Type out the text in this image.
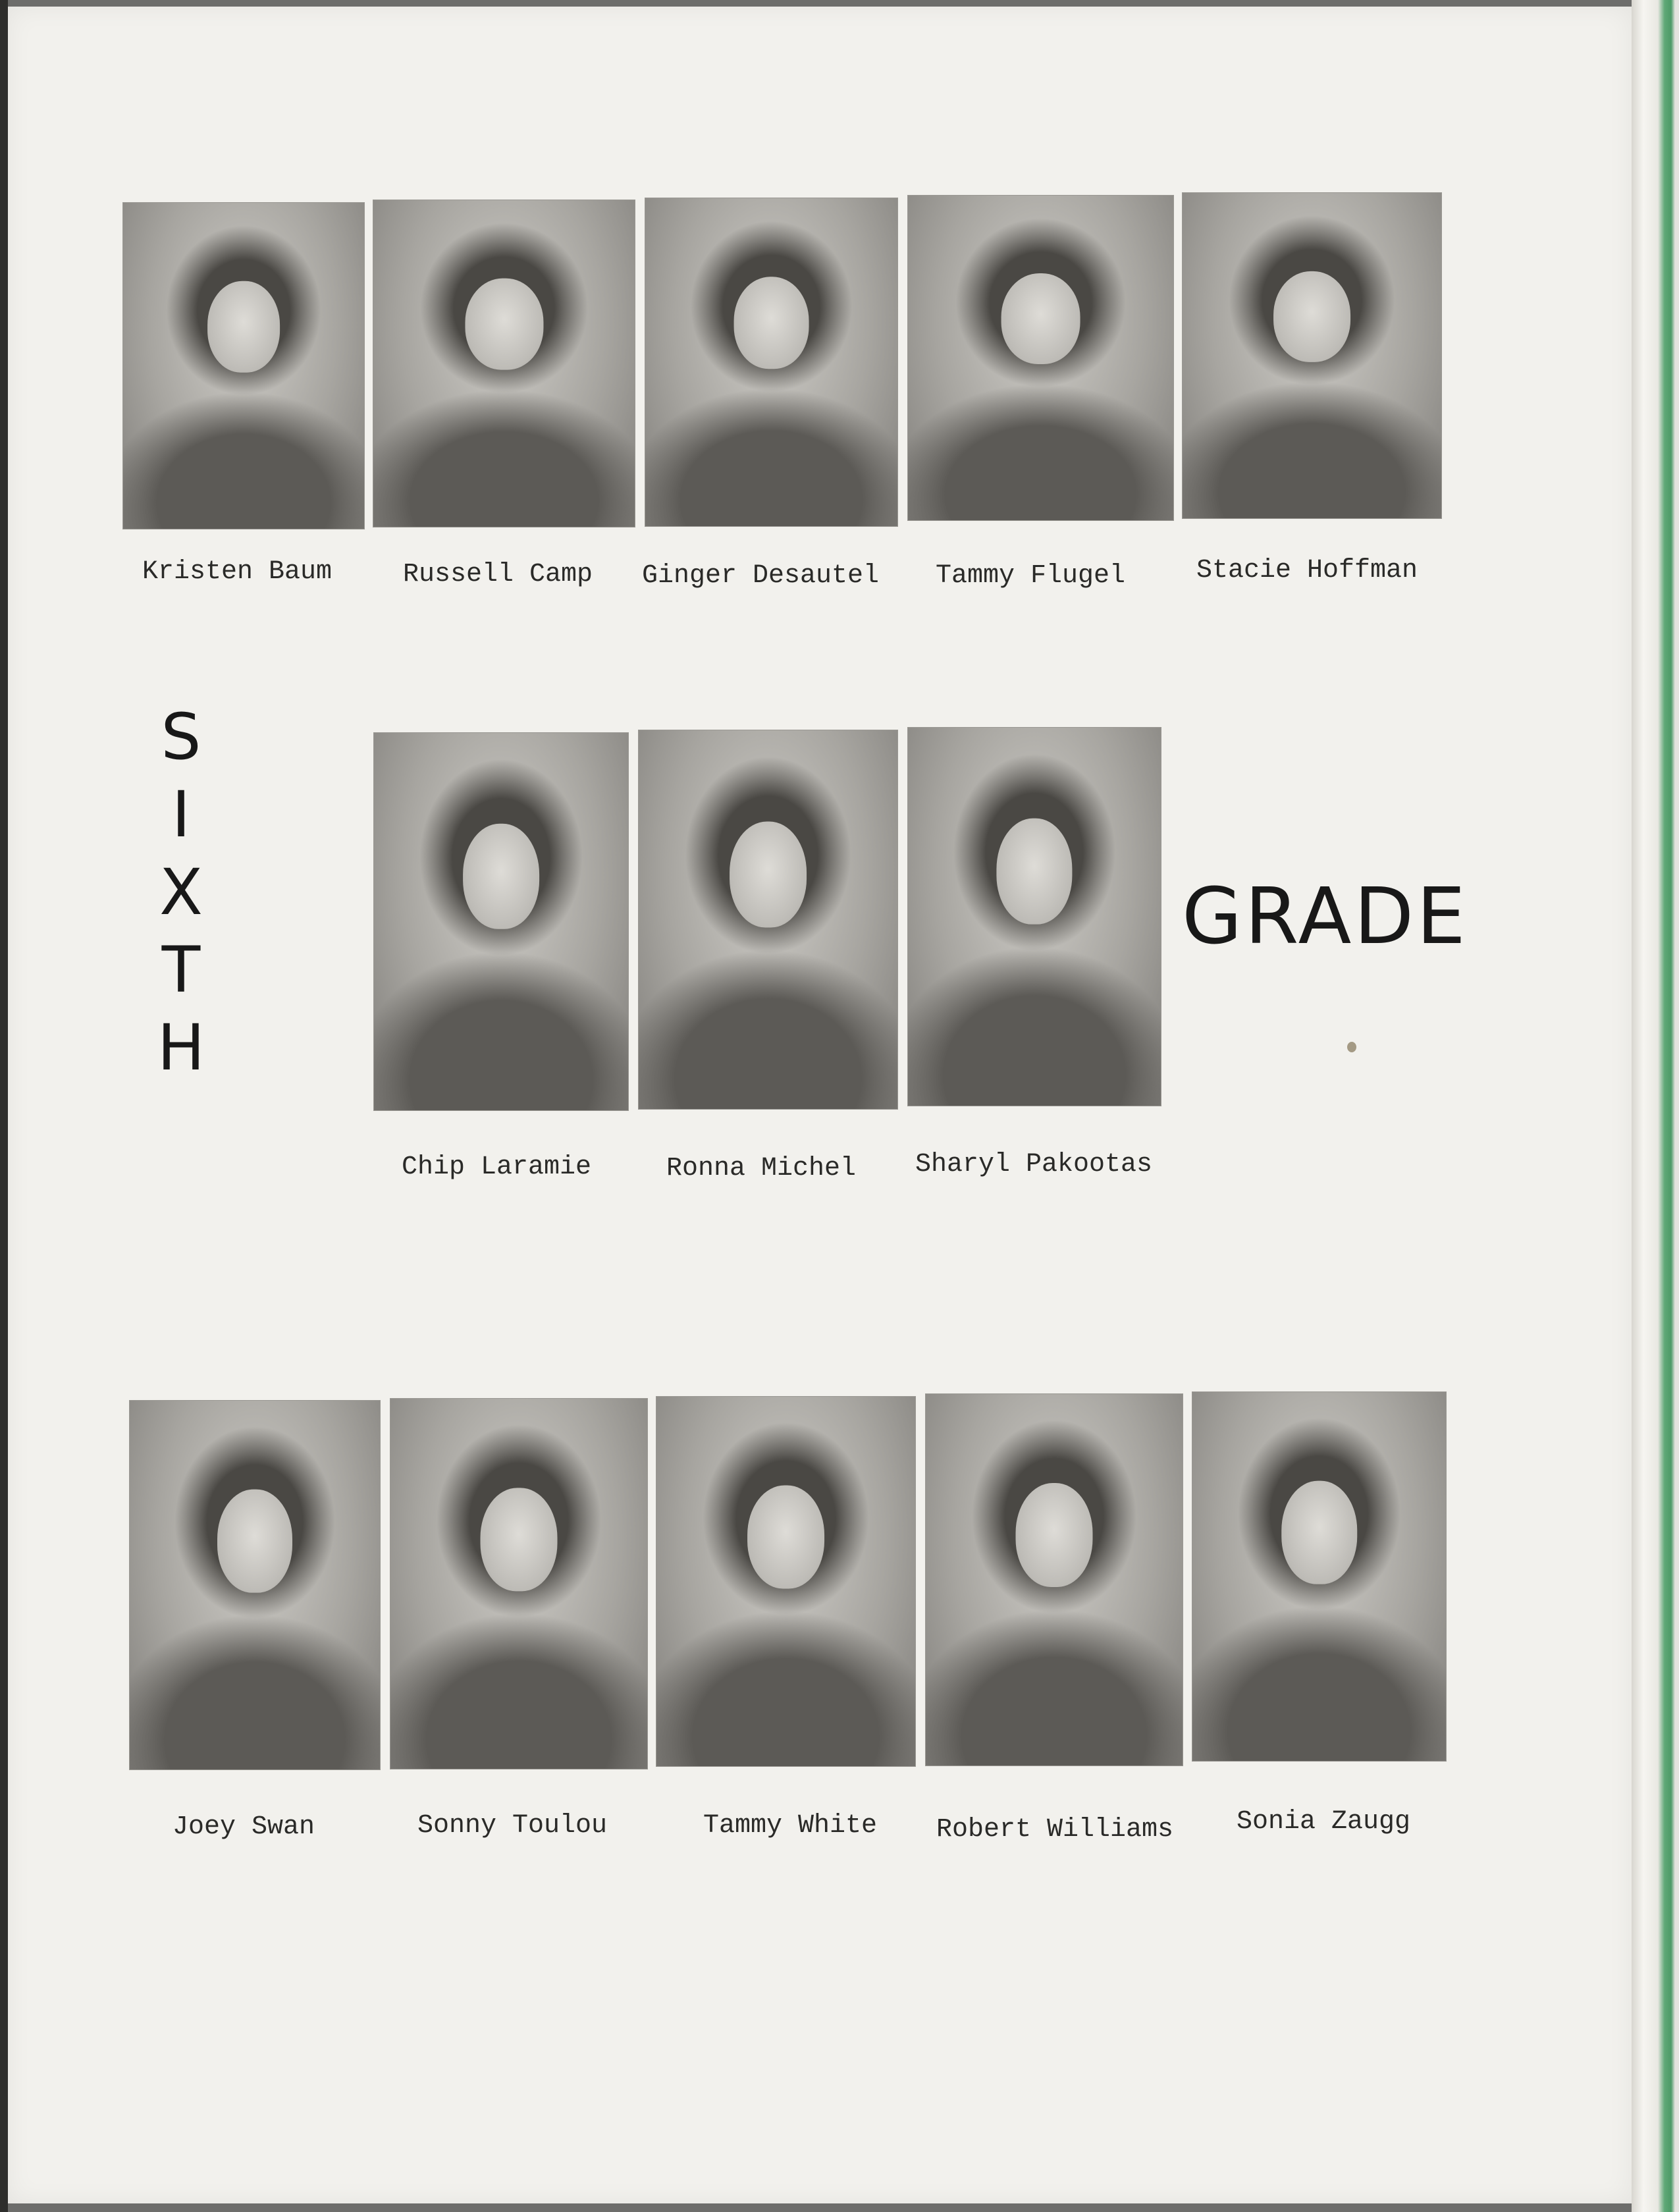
Kristen Baum	Russell Camp	Ginger Desautel	Tammy Flugel	Stacie Hoffman
S
I
X
T
H
GRADE
Chip Laramie	Ronna Michel	Sharyl Pakootas
Joey Swan	Sonny Toulou	Tammy White	Robert Williams	Sonia Zaugg
